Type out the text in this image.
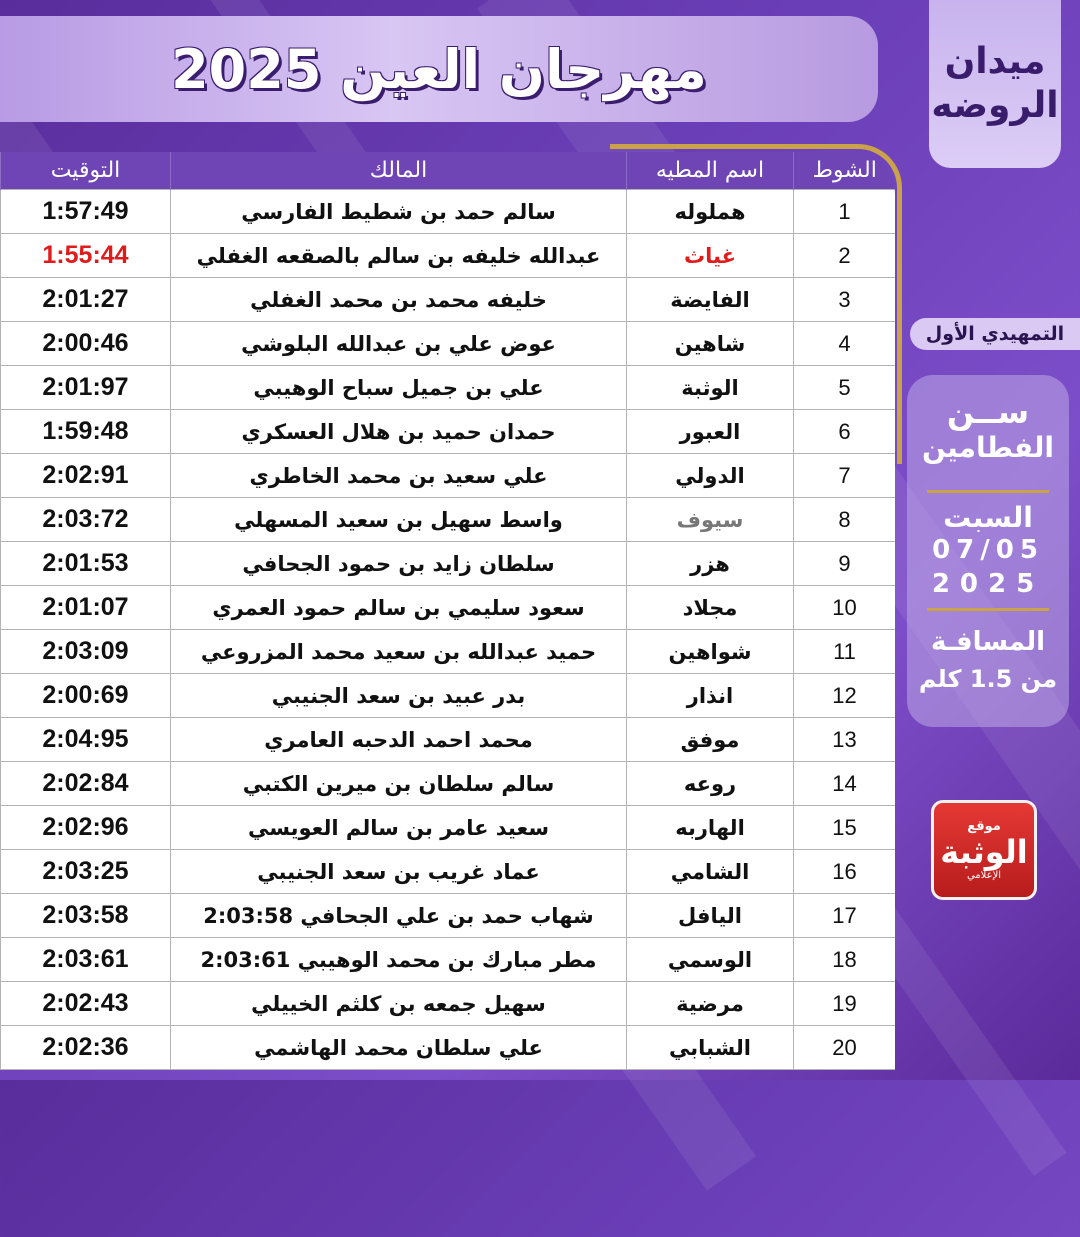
مهرجان العين 2025	ميدان
الروضه
التوقيت	المالك	اسم المطيه	الشوط
1:57:49	سالم حمد بن شطيط الفارسي	هملوله	1
1:55:44	عبدالله خليفه بن سالم بالصقعه الغفلي	غياث	2
2:01:27	خليفه محمد بن محمد الغفلي	الفايضة	3
2:00:46	عوض علي بن عبدالله البلوشي	شاهين	4
2:01:97	علي بن جميل سباح الوهيبي	الوثبة	5
1:59:48	حمدان حميد بن هلال العسكري	العبور	6
2:02:91	علي سعيد بن محمد الخاطري	الدولي	7
2:03:72	واسط سهيل بن سعيد المسهلي	سيوف	8
2:01:53	سلطان زايد بن حمود الجحافي	هزر	9
2:01:07	سعود سليمي بن سالم حمود العمري	مجلاد	10
2:03:09	حميد عبدالله بن سعيد محمد المزروعي	شواهين	11
2:00:69	بدر عبيد بن سعد الجنيبي	انذار	12
2:04:95	محمد احمد الدحبه العامري	موفق	13
2:02:84	سالم سلطان بن ميرين الكتبي	روعه	14
2:02:96	سعيد عامر بن سالم العويسي	الهاربه	15
2:03:25	عماد غريب بن سعد الجنيبي	الشامي	16
2:03:58	شهاب حمد بن علي الجحافي 2:03:58	اليافل	17
2:03:61	مطر مبارك بن محمد الوهيبي 2:03:61	الوسمي	18
2:02:43	سهيل جمعه بن كلثم الخييلي	مرضية	19
2:02:36	علي سلطان محمد الهاشمي	الشبابي	20
التمهيدي الأول
ســن
الفطامين
السبت
07/05
2025
المسافـة
من 1.5 كلم
موقع
الوثبة
الإعلامي
